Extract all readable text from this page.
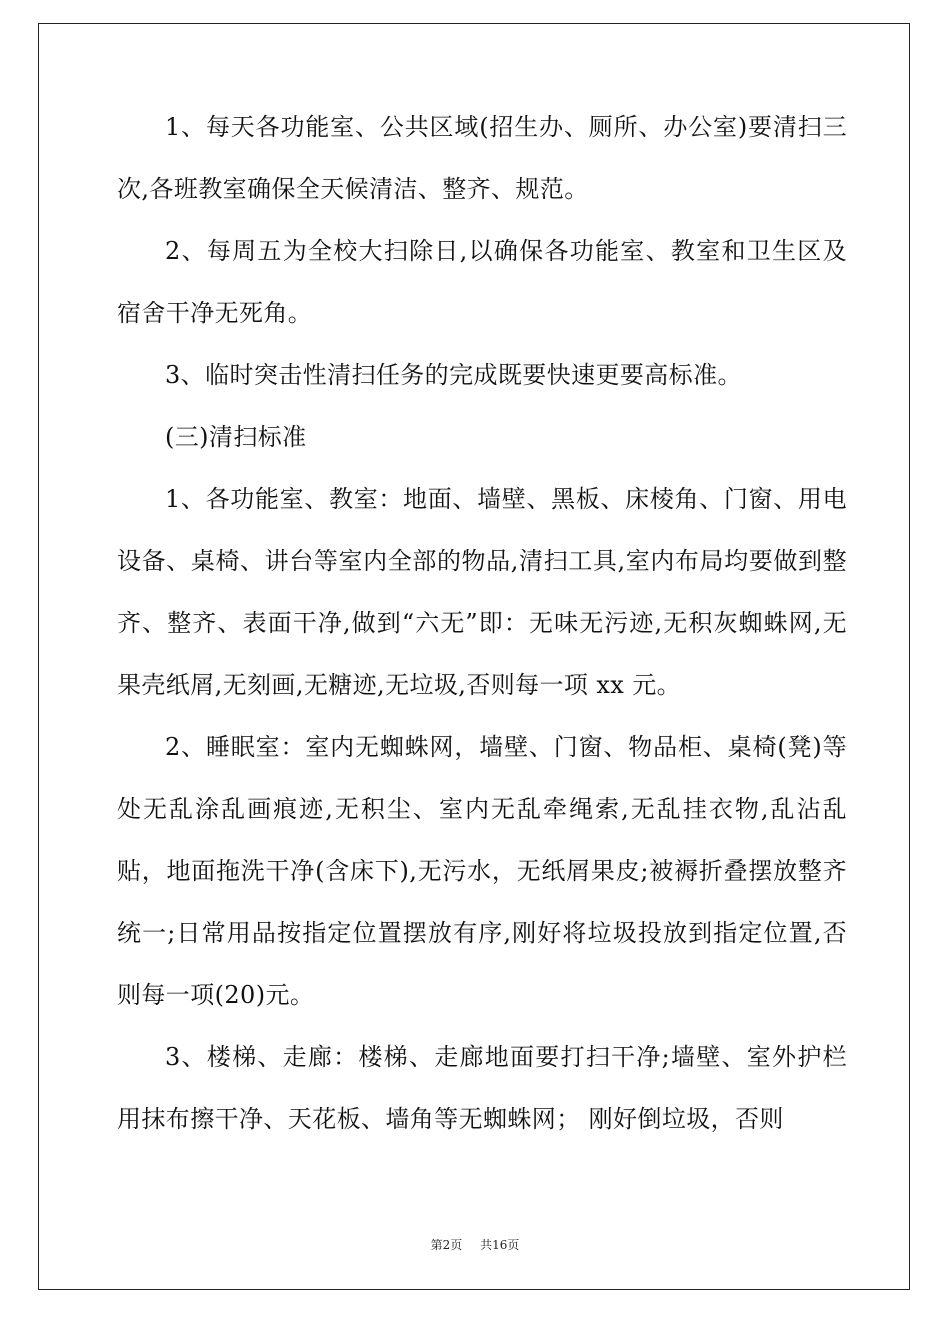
1、每天各功能室、公共区域(招生办、厕所、办公室)要清扫三次,各班教室确保全天候清洁、整齐、规范。

2、每周五为全校大扫除日,以确保各功能室、教室和卫生区及宿舍干净无死角。

3、临时突击性清扫任务的完成既要快速更要高标准。

(三)清扫标准

1、各功能室、教室：地面、墙壁、黑板、床棱角、门窗、用电设备、桌椅、讲台等室内全部的物品,清扫工具,室内布局均要做到整齐、整齐、表面干净,做到“六无”即：无味无污迹,无积灰蜘蛛网,无果壳纸屑,无刻画,无糖迹,无垃圾,否则每一项 xx 元。

2、睡眠室：室内无蜘蛛网，墙壁、门窗、物品柜、桌椅(凳)等处无乱涂乱画痕迹,无积尘、室内无乱牵绳索,无乱挂衣物,乱沾乱贴，地面拖洗干净(含床下),无污水，无纸屑果皮;被褥折叠摆放整齐统一;日常用品按指定位置摆放有序,刚好将垃圾投放到指定位置,否则每一项(20)元。

3、楼梯、走廊：楼梯、走廊地面要打扫干净;墙壁、室外护栏用抹布擦干净、天花板、墙角等无蜘蛛网； 刚好倒垃圾，否则

第2页 共16页
